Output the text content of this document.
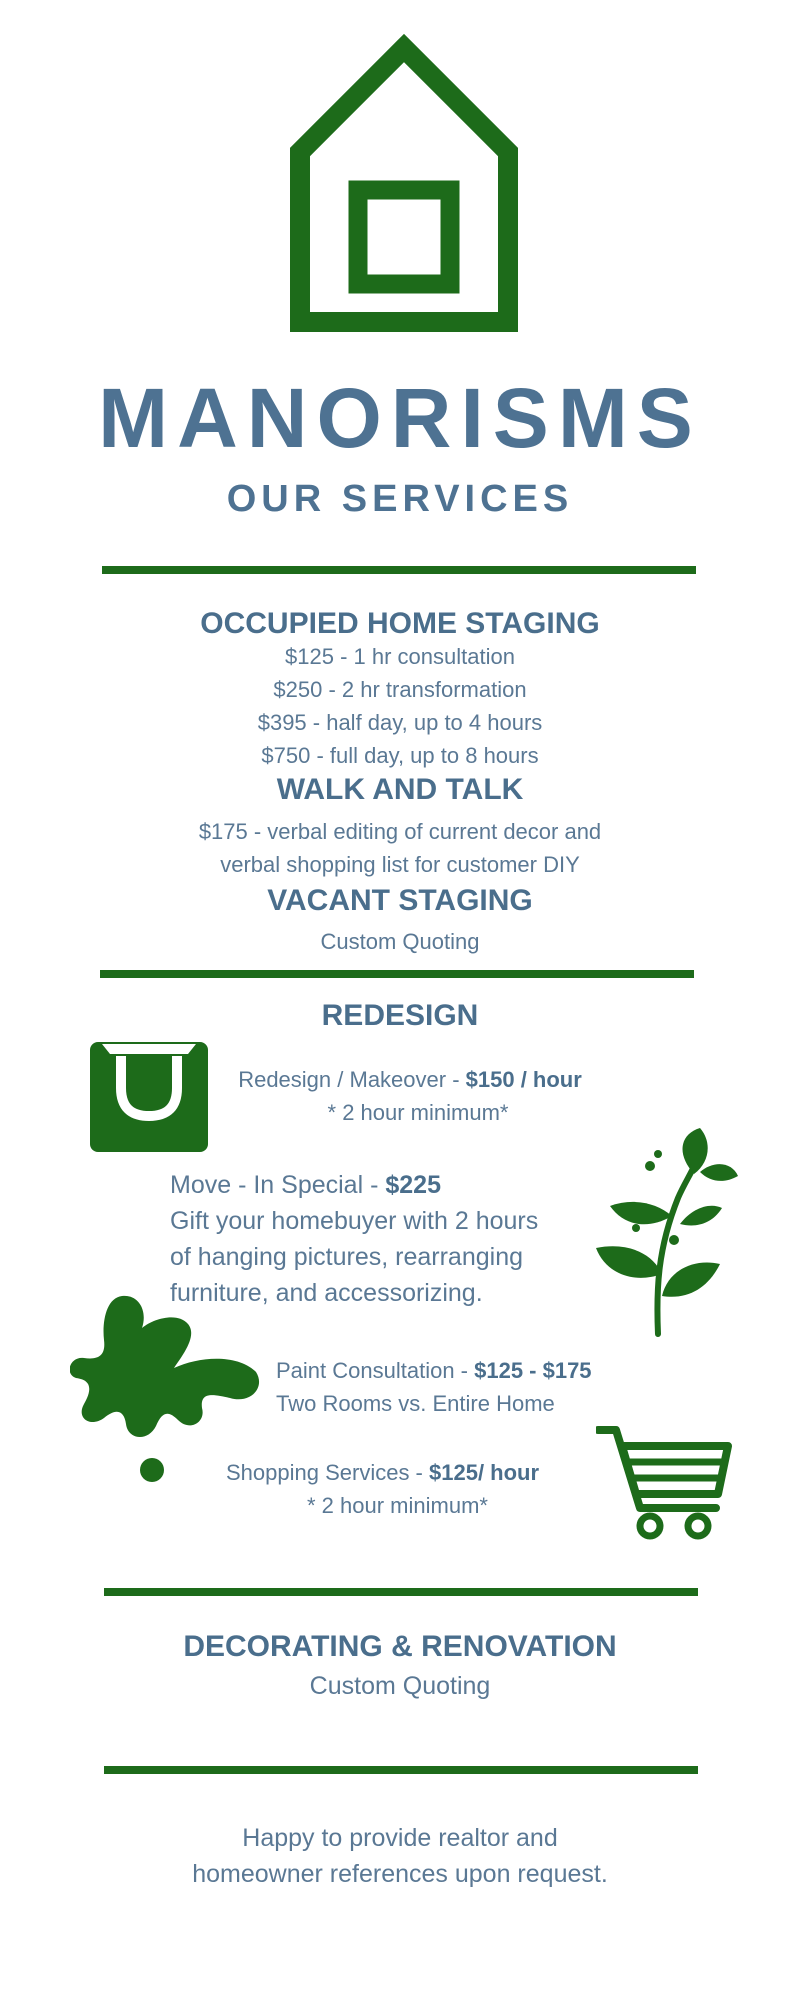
MANORISMS
OUR SERVICES
OCCUPIED HOME STAGING
$125 - 1 hr consultation
$250 - 2 hr transformation
$395 - half day, up to 4 hours
$750 - full day, up to 8 hours
WALK AND TALK
$175 - verbal editing of current decor and
verbal shopping list for customer DIY
VACANT STAGING
Custom Quoting
REDESIGN
Redesign / Makeover - $150 / hour
* 2 hour minimum*
Move - In Special - $225
Gift your homebuyer with 2 hours
of hanging pictures, rearranging
furniture, and accessorizing.
Paint Consultation - $125 - $175
Two Rooms vs. Entire Home
Shopping Services - $125/ hour
* 2 hour minimum*
DECORATING & RENOVATION
Custom Quoting
Happy to provide realtor and
homeowner references upon request.
